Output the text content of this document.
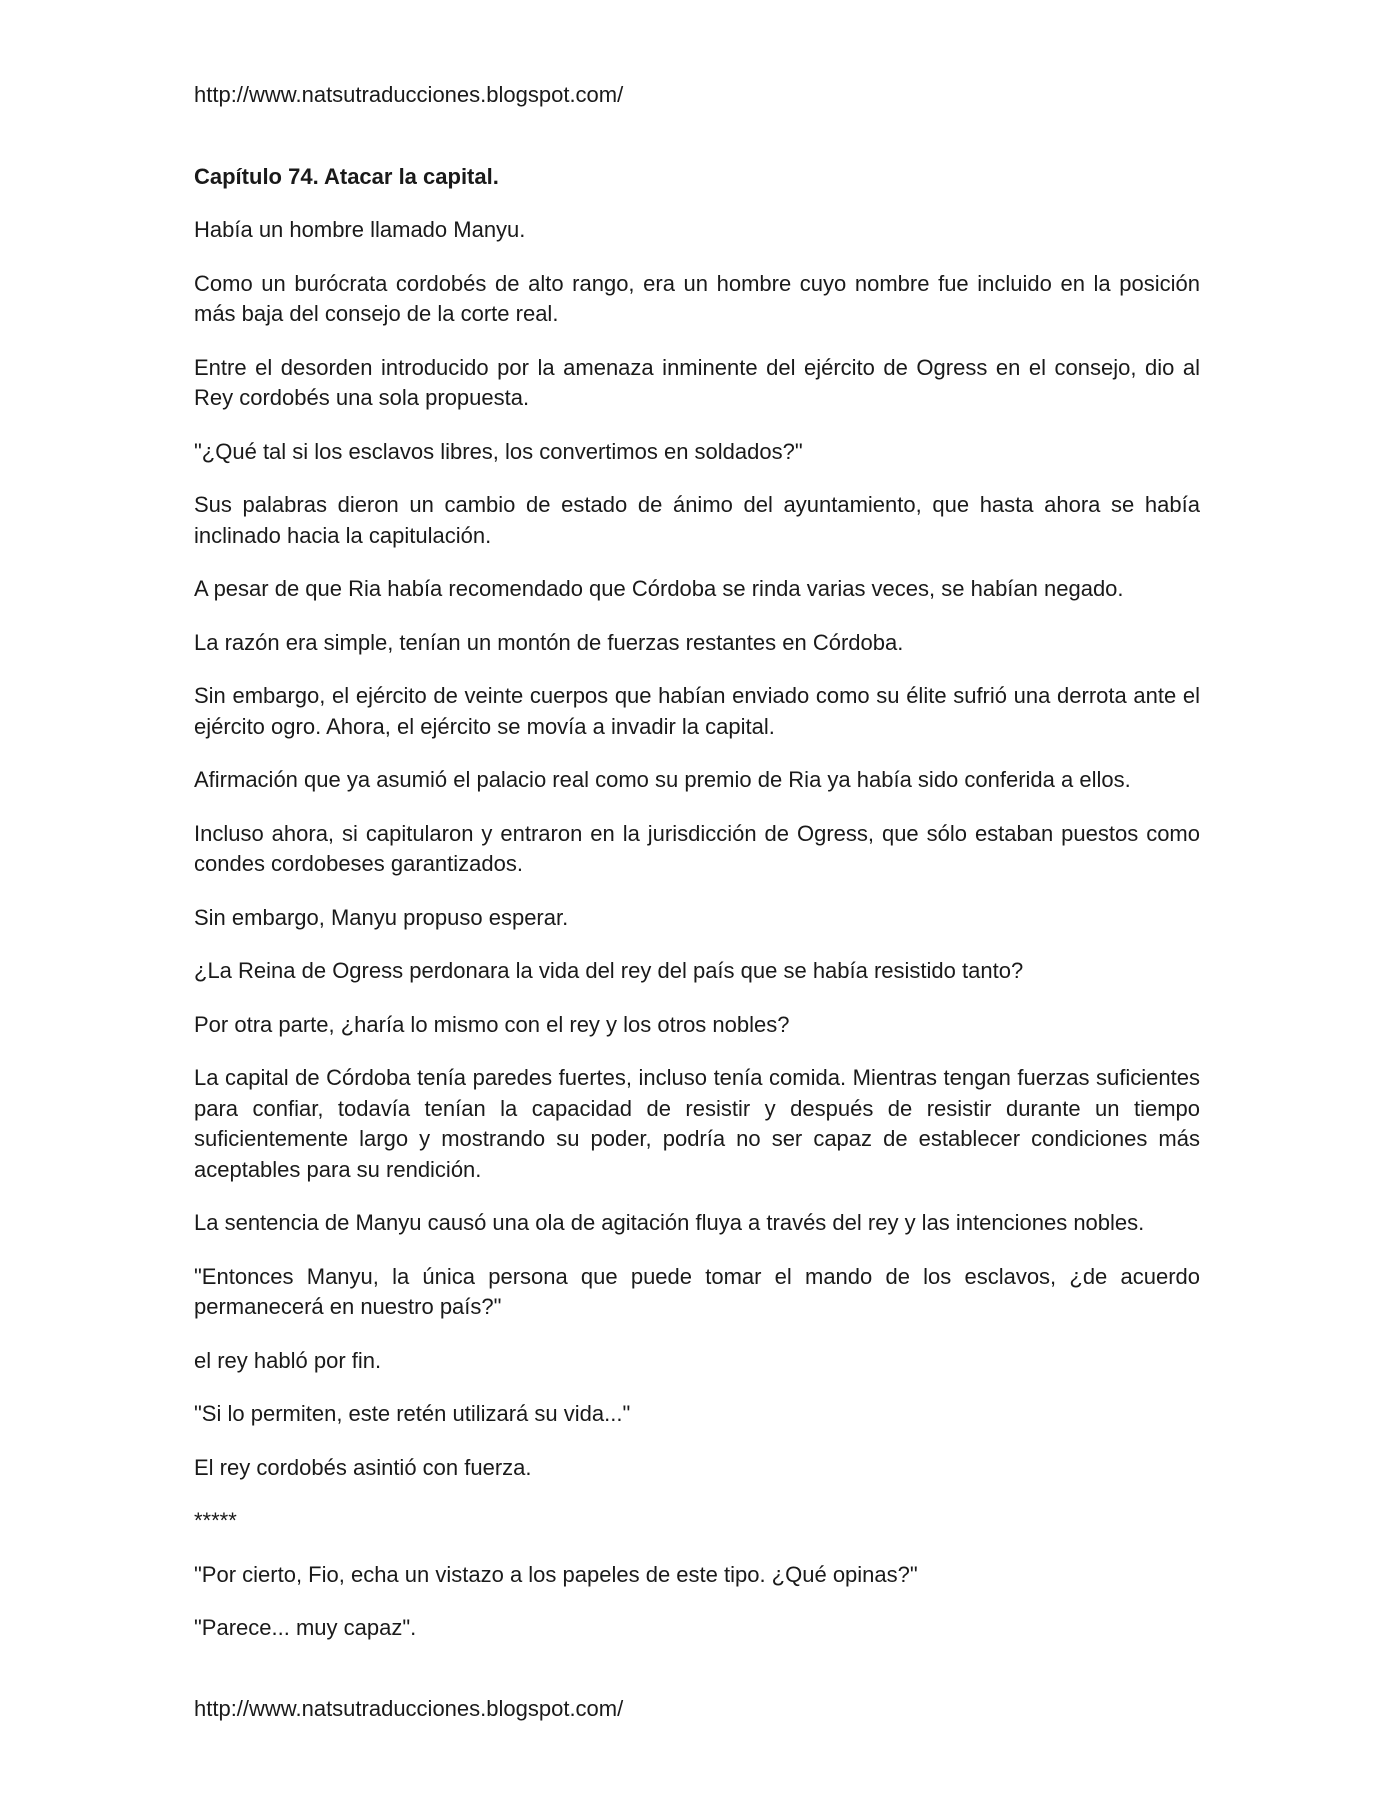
http://www.natsutraducciones.blogspot.com/
Capítulo 74. Atacar la capital.

Había un hombre llamado Manyu.

Como un burócrata cordobés de alto rango, era un hombre cuyo nombre fue incluido en la posición más baja del consejo de la corte real.

Entre el desorden introducido por la amenaza inminente del ejército de Ogress en el consejo, dio al Rey cordobés una sola propuesta.

"¿Qué tal si los esclavos libres, los convertimos en soldados?"

Sus palabras dieron un cambio de estado de ánimo del ayuntamiento, que hasta ahora se había inclinado hacia la capitulación.

A pesar de que Ria había recomendado que Córdoba se rinda varias veces, se habían negado.

La razón era simple, tenían un montón de fuerzas restantes en Córdoba.

Sin embargo, el ejército de veinte cuerpos que habían enviado como su élite sufrió una derrota ante el ejército ogro. Ahora, el ejército se movía a invadir la capital.

Afirmación que ya asumió el palacio real como su premio de Ria ya había sido conferida a ellos.

Incluso ahora, si capitularon y entraron en la jurisdicción de Ogress, que sólo estaban puestos como condes cordobeses garantizados.

Sin embargo, Manyu propuso esperar.

¿La Reina de Ogress perdonara la vida del rey del país que se había resistido tanto?

Por otra parte, ¿haría lo mismo con el rey y los otros nobles?

La capital de Córdoba tenía paredes fuertes, incluso tenía comida. Mientras tengan fuerzas suficientes para confiar, todavía tenían la capacidad de resistir y después de resistir durante un tiempo suficientemente largo y mostrando su poder, podría no ser capaz de establecer condiciones más aceptables para su rendición.

La sentencia de Manyu causó una ola de agitación fluya a través del rey y las intenciones nobles.

"Entonces Manyu, la única persona que puede tomar el mando de los esclavos, ¿de acuerdo permanecerá en nuestro país?"

el rey habló por fin.

"Si lo permiten, este retén utilizará su vida..."

El rey cordobés asintió con fuerza.

*****

"Por cierto, Fio, echa un vistazo a los papeles de este tipo. ¿Qué opinas?"

"Parece... muy capaz".

http://www.natsutraducciones.blogspot.com/
